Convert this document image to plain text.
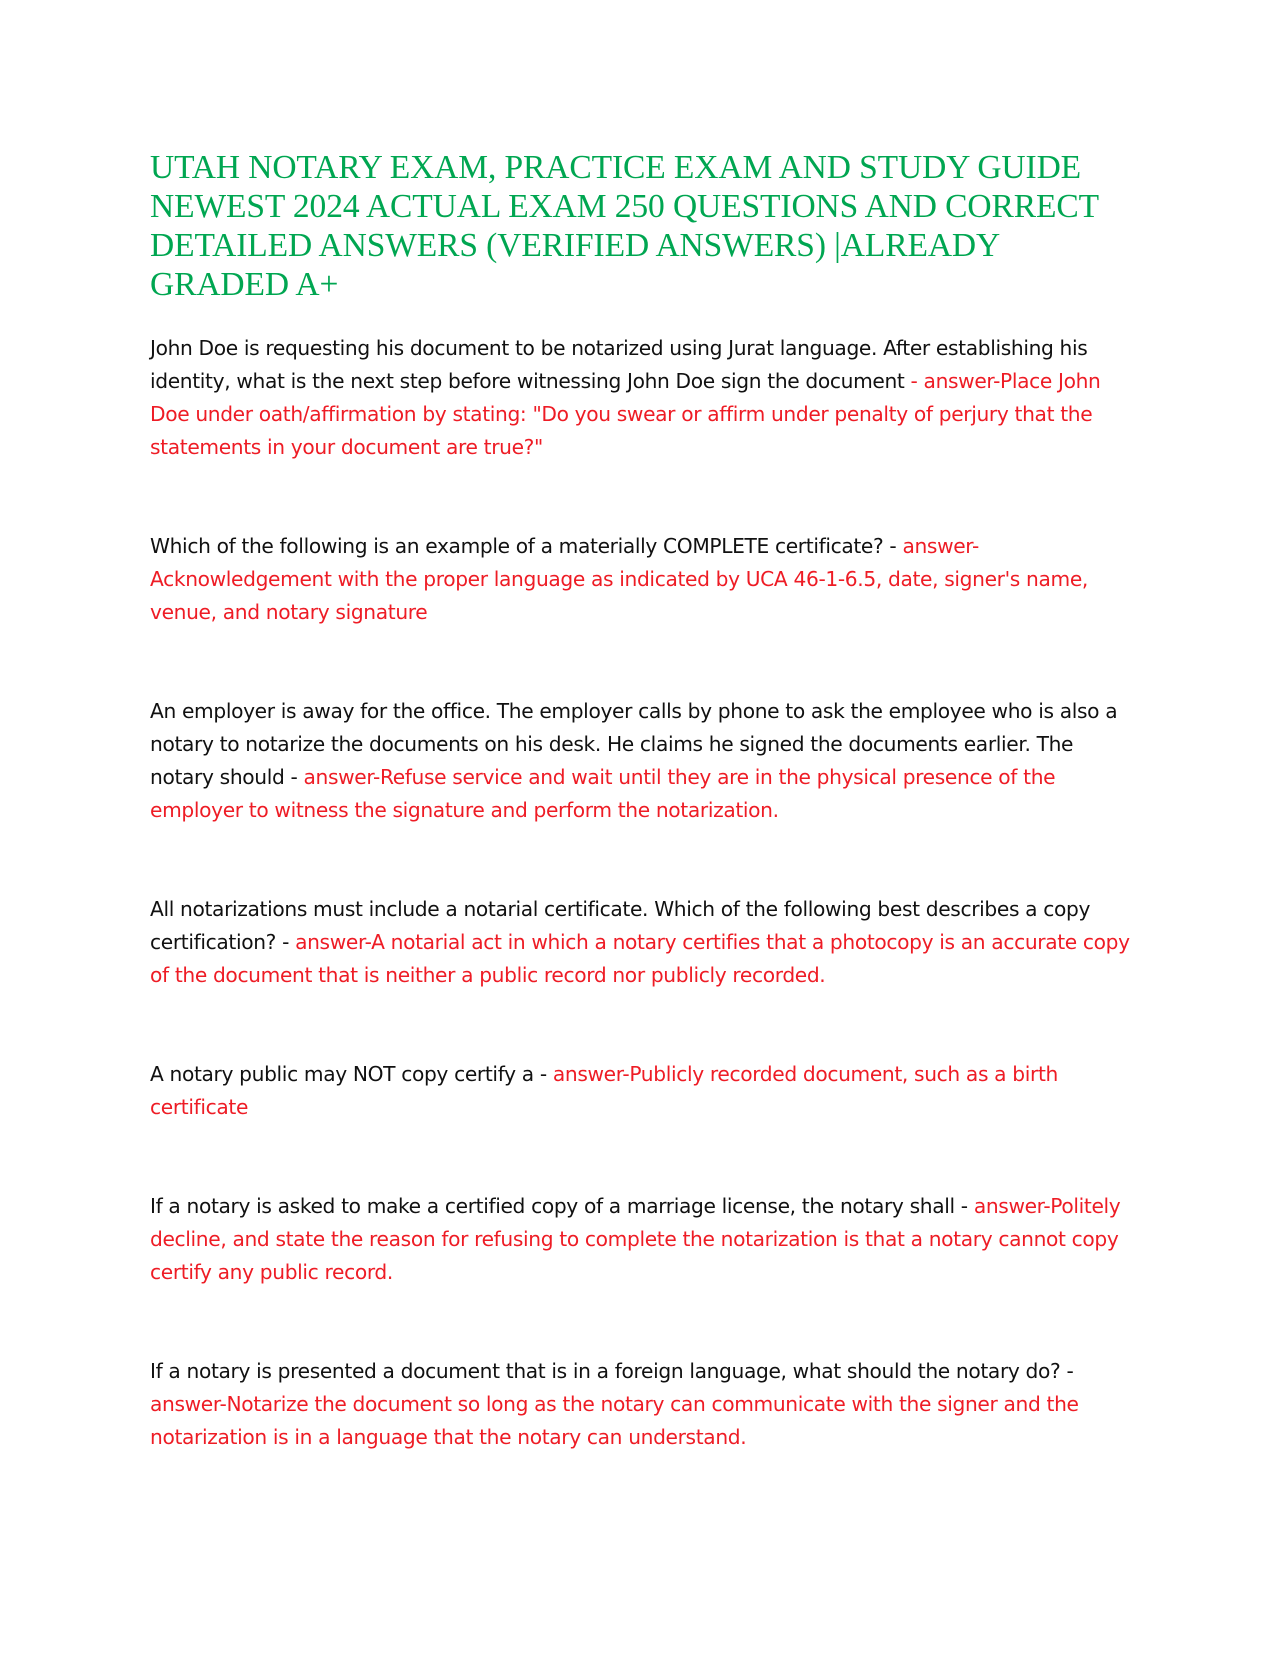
UTAH NOTARY EXAM, PRACTICE EXAM AND STUDY GUIDE NEWEST 2024 ACTUAL EXAM 250 QUESTIONS AND CORRECT DETAILED ANSWERS (VERIFIED ANSWERS) |ALREADY GRADED A+

John Doe is requesting his document to be notarized using Jurat language. After establishing his identity, what is the next step before witnessing John Doe sign the document - answer-Place John Doe under oath/affirmation by stating: "Do you swear or affirm under penalty of perjury that the statements in your document are true?"

Which of the following is an example of a materially COMPLETE certificate? - answer-Acknowledgement with the proper language as indicated by UCA 46-1-6.5, date, signer's name, venue, and notary signature

An employer is away for the office. The employer calls by phone to ask the employee who is also a notary to notarize the documents on his desk. He claims he signed the documents earlier. The notary should - answer-Refuse service and wait until they are in the physical presence of the employer to witness the signature and perform the notarization.

All notarizations must include a notarial certificate. Which of the following best describes a copy certification? - answer-A notarial act in which a notary certifies that a photocopy is an accurate copy of the document that is neither a public record nor publicly recorded.

A notary public may NOT copy certify a - answer-Publicly recorded document, such as a birth certificate

If a notary is asked to make a certified copy of a marriage license, the notary shall - answer-Politely decline, and state the reason for refusing to complete the notarization is that a notary cannot copy certify any public record.

If a notary is presented a document that is in a foreign language, what should the notary do? - answer-Notarize the document so long as the notary can communicate with the signer and the notarization is in a language that the notary can understand.
